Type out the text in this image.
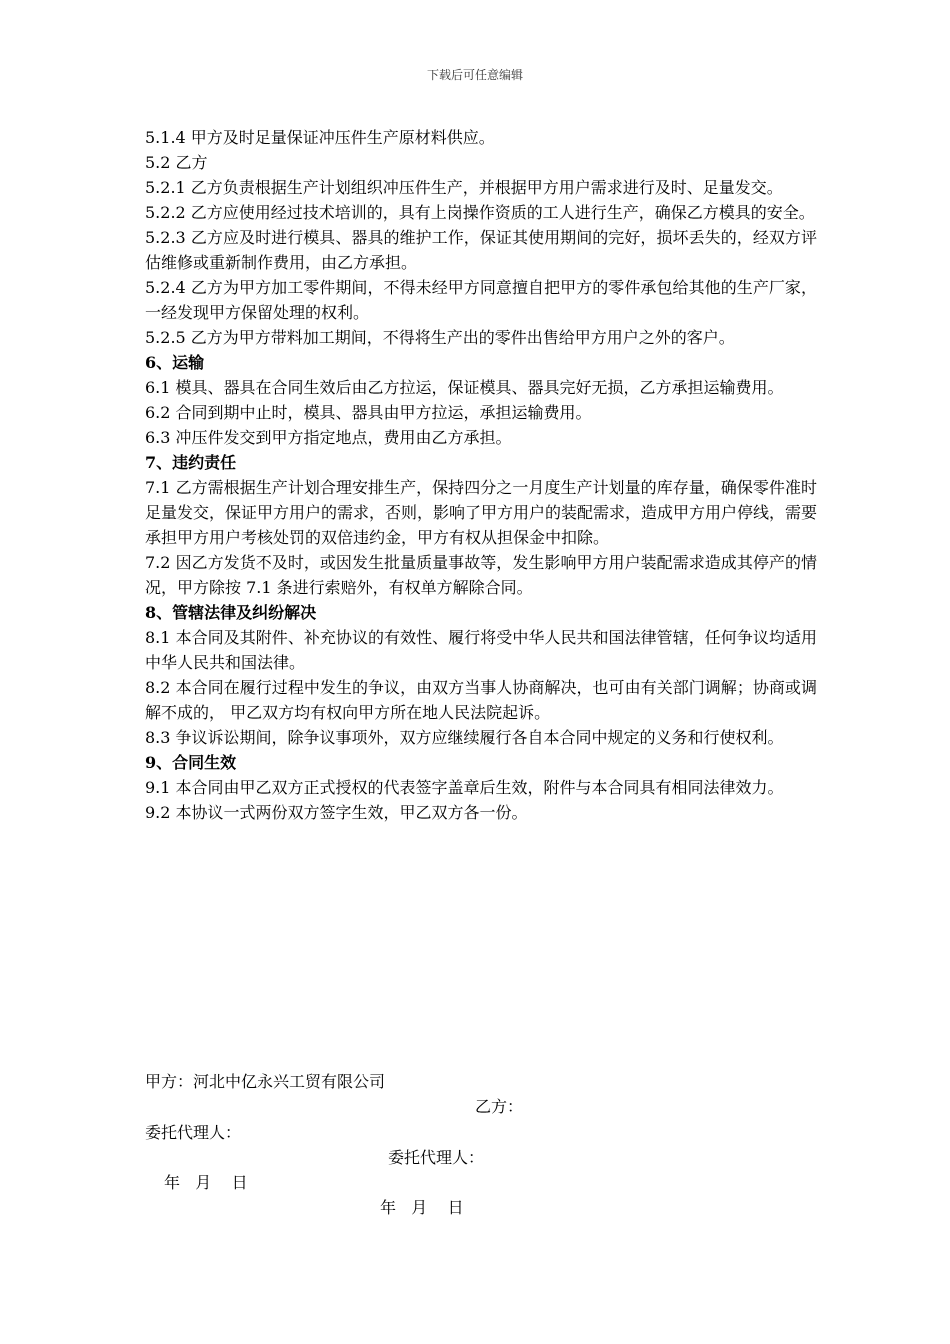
下载后可任意编辑

5.1.4 甲方及时足量保证冲压件生产原材料供应。

5.2 乙方

5.2.1 乙方负责根据生产计划组织冲压件生产，并根据甲方用户需求进行及时、足量发交。

5.2.2 乙方应使用经过技术培训的，具有上岗操作资质的工人进行生产，确保乙方模具的安全。

5.2.3 乙方应及时进行模具、器具的维护工作，保证其使用期间的完好，损坏丢失的，经双方评估维修或重新制作费用，由乙方承担。

5.2.4 乙方为甲方加工零件期间，不得未经甲方同意擅自把甲方的零件承包给其他的生产厂家，一经发现甲方保留处理的权利。

5.2.5 乙方为甲方带料加工期间，不得将生产出的零件出售给甲方用户之外的客户。

6、运输

6.1 模具、器具在合同生效后由乙方拉运，保证模具、器具完好无损，乙方承担运输费用。

6.2 合同到期中止时，模具、器具由甲方拉运，承担运输费用。

6.3 冲压件发交到甲方指定地点，费用由乙方承担。

7、违约责任

7.1 乙方需根据生产计划合理安排生产，保持四分之一月度生产计划量的库存量，确保零件准时足量发交，保证甲方用户的需求，否则，影响了甲方用户的装配需求，造成甲方用户停线，需要承担甲方用户考核处罚的双倍违约金，甲方有权从担保金中扣除。

7.2 因乙方发货不及时，或因发生批量质量事故等，发生影响甲方用户装配需求造成其停产的情况，甲方除按 7.1 条进行索赔外，有权单方解除合同。

8、管辖法律及纠纷解决

8.1 本合同及其附件、补充协议的有效性、履行将受中华人民共和国法律管辖，任何争议均适用中华人民共和国法律。

8.2 本合同在履行过程中发生的争议，由双方当事人协商解决，也可由有关部门调解；协商或调解不成的， 甲乙双方均有权向甲方所在地人民法院起诉。

8.3 争议诉讼期间，除争议事项外，双方应继续履行各自本合同中规定的义务和行使权利。

9、合同生效

9.1 本合同由甲乙双方正式授权的代表签字盖章后生效，附件与本合同具有相同法律效力。

9.2 本协议一式两份双方签字生效，甲乙双方各一份。

甲方：河北中亿永兴工贸有限公司

乙方：

委托代理人：

委托代理人：

年   月    日

年   月    日
